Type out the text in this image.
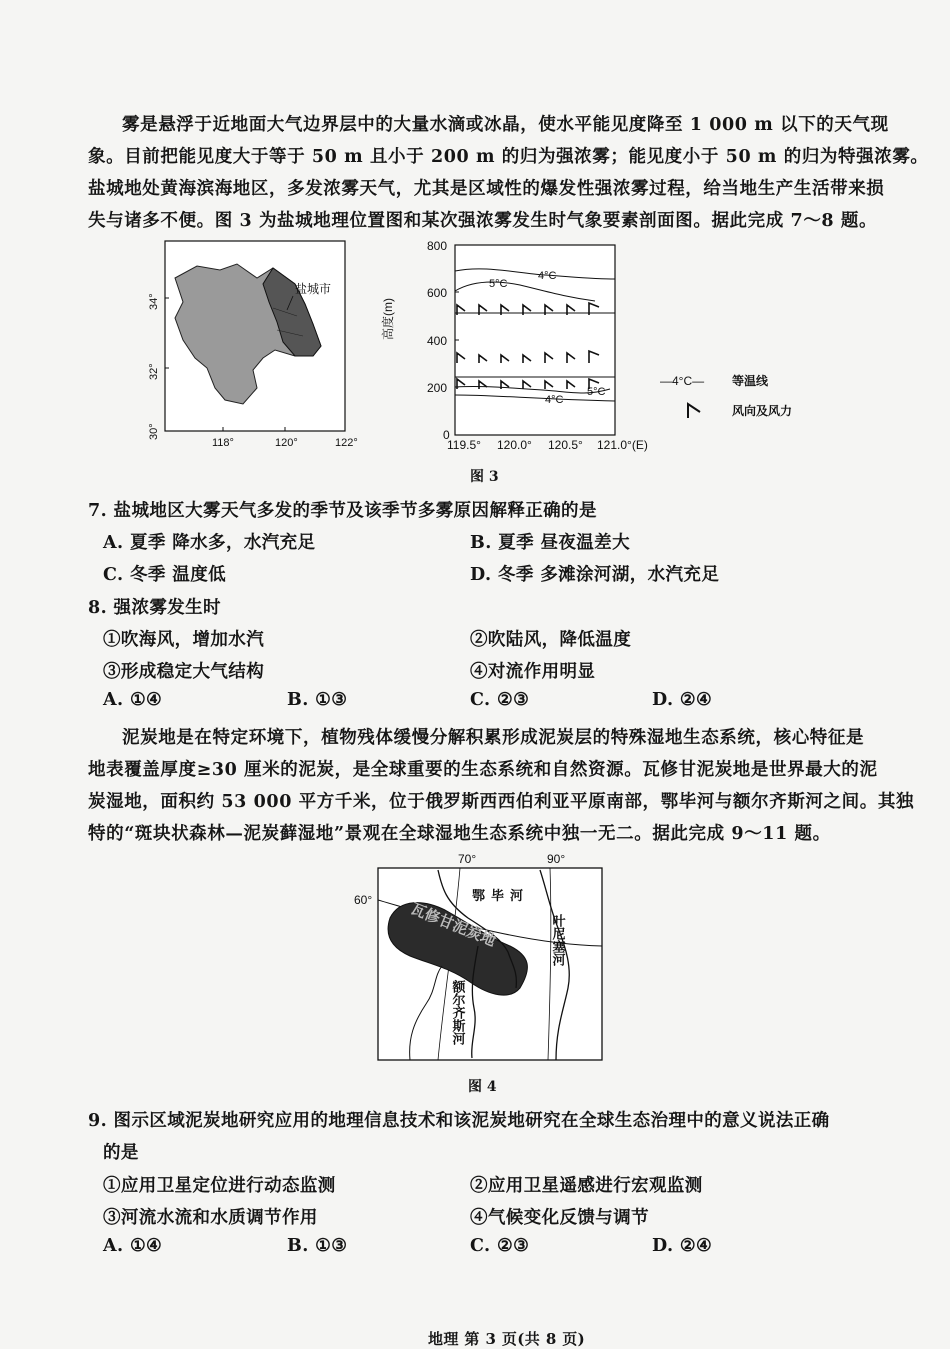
雾是悬浮于近地面大气边界层中的大量水滴或冰晶，使水平能见度降至 1 000 m 以下的天气现
象。目前把能见度大于等于 50 m 且小于 200 m 的归为强浓雾；能见度小于 50 m 的归为特强浓雾。
盐城地处黄海滨海地区，多发浓雾天气，尤其是区域性的爆发性强浓雾过程，给当地生产生活带来损
失与诸多不便。图 3 为盐城地理位置图和某次强浓雾发生时气象要素剖面图。据此完成 7～8 题。
盐城市
34°
32°
30°
118°	120°	122°
800
600
400
200
0
119.5° 120.0° 120.5° 121.0°(E)
高度(m)
4°C
5°C
5°C
4°C
—4°C— 等温线
风向及风力
图 3
7. 盐城地区大雾天气多发的季节及该季节多雾原因解释正确的是
A. 夏季 降水多，水汽充足	B. 夏季 昼夜温差大
C. 冬季 温度低	D. 冬季 多滩涂河湖，水汽充足
8. 强浓雾发生时
①吹海风，增加水汽	②吹陆风，降低温度
③形成稳定大气结构	④对流作用明显
A. ①④	B. ①③	C. ②③	D. ②④
泥炭地是在特定环境下，植物残体缓慢分解积累形成泥炭层的特殊湿地生态系统，核心特征是
地表覆盖厚度≥30 厘米的泥炭，是全球重要的生态系统和自然资源。瓦修甘泥炭地是世界最大的泥
炭湿地，面积约 53 000 平方千米，位于俄罗斯西西伯利亚平原南部，鄂毕河与额尔齐斯河之间。其独
特的“斑块状森林—泥炭藓湿地”景观在全球湿地生态系统中独一无二。据此完成 9～11 题。
70°	90°
60°
瓦修甘泥炭地
鄂毕河
叶尼塞河
额尔齐斯河
图 4
9. 图示区域泥炭地研究应用的地理信息技术和该泥炭地研究在全球生态治理中的意义说法正确
的是
①应用卫星定位进行动态监测	②应用卫星遥感进行宏观监测
③河流水流和水质调节作用	④气候变化反馈与调节
A. ①④	B. ①③	C. ②③	D. ②④
地理 第 3 页(共 8 页)
